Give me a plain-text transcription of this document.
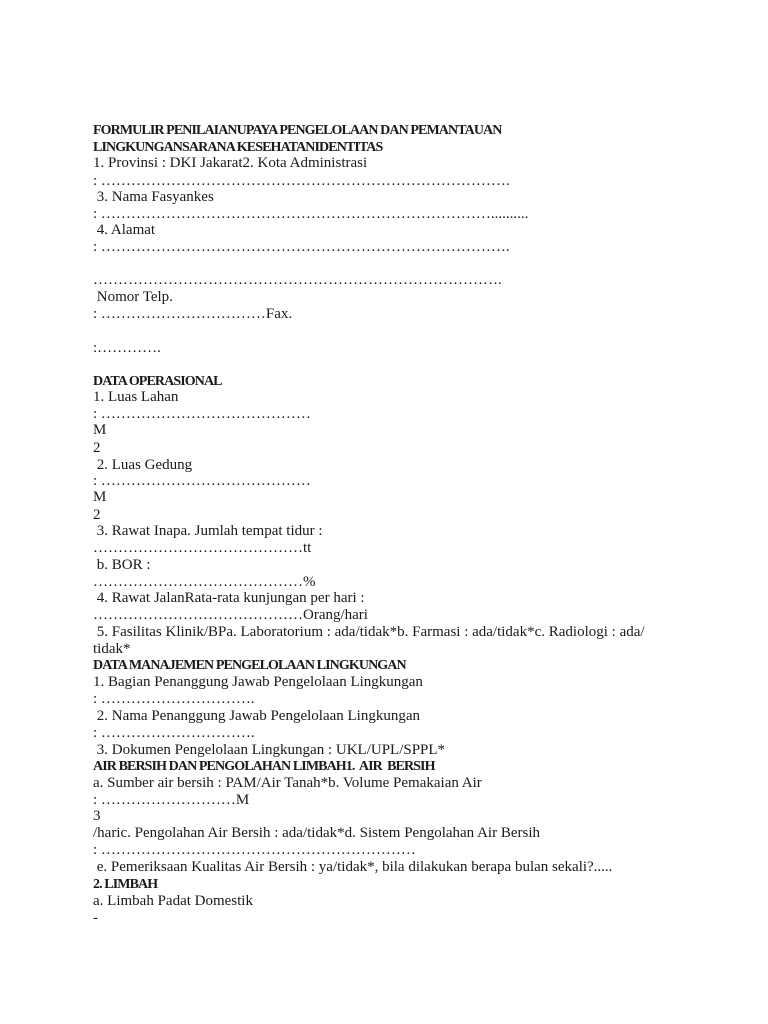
FORMULIR PENILAIANUPAYA PENGELOLAAN DAN PEMANTAUAN
LINGKUNGANSARANA KESEHATANIDENTITAS
1. Provinsi : DKI Jakarat2. Kota Administrasi
: ……………………………………………………………………….
3. Nama Fasyankes
: ……………………………………………………………………..........
4. Alamat
: ……………………………………………………………………….
……………………………………………………………………….
Nomor Telp.
: ……………………………Fax.
:………….
DATA OPERASIONAL
1. Luas Lahan
: ……………………………………
M
2
2. Luas Gedung
: ……………………………………
M
2
3. Rawat Inapa. Jumlah tempat tidur :
……………………………………tt
b. BOR :
……………………………………%
4. Rawat JalanRata-rata kunjungan per hari :
……………………………………Orang/hari
5. Fasilitas Klinik/BPa. Laboratorium : ada/tidak*b. Farmasi : ada/tidak*c. Radiologi : ada/
tidak*
DATA MANAJEMEN PENGELOLAAN LINGKUNGAN
1. Bagian Penanggung Jawab Pengelolaan Lingkungan
: ………………………….
2. Nama Penanggung Jawab Pengelolaan Lingkungan
: ………………………….
3. Dokumen Pengelolaan Lingkungan : UKL/UPL/SPPL*
AIR BERSIH DAN PENGOLAHAN LIMBAH1.  AIR  BERSIH
a. Sumber air bersih : PAM/Air Tanah*b. Volume Pemakaian Air
: ………………………M
3
/haric. Pengolahan Air Bersih : ada/tidak*d. Sistem Pengolahan Air Bersih
: ………………………………………………………
e. Pemeriksaan Kualitas Air Bersih : ya/tidak*, bila dilakukan berapa bulan sekali?.....
2. LIMBAH
a. Limbah Padat Domestik
-
